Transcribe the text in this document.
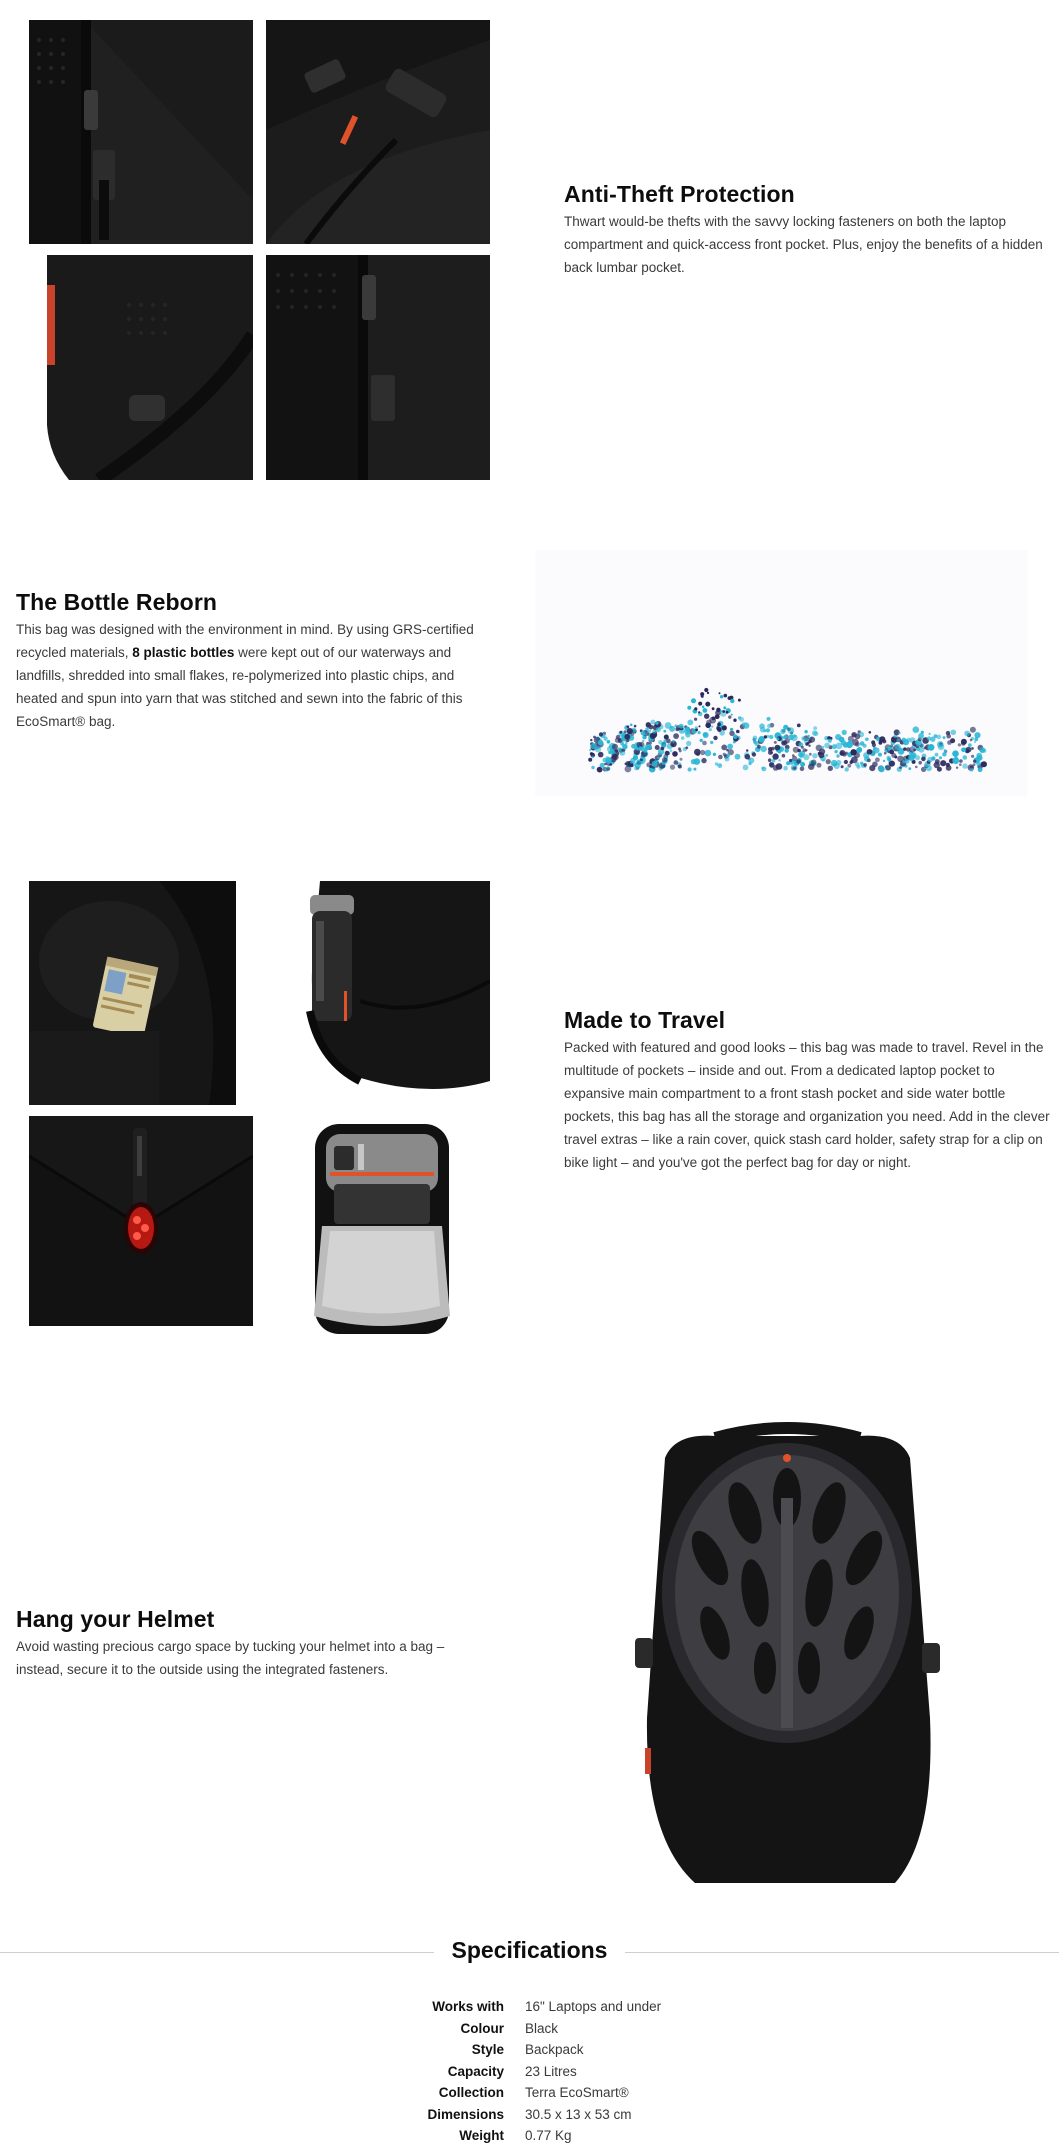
Anti-Theft Protection

Thwart would-be thefts with the savvy locking fasteners on both the laptop compartment and quick-access front pocket. Plus, enjoy the benefits of a hidden back lumbar pocket.

The Bottle Reborn

This bag was designed with the environment in mind. By using GRS-certified recycled materials, 8 plastic bottles were kept out of our waterways and landfills, shredded into small flakes, re-polymerized into plastic chips, and heated and spun into yarn that was stitched and sewn into the fabric of this EcoSmart® bag.

Made to Travel

Packed with featured and good looks – this bag was made to travel. Revel in the multitude of pockets – inside and out. From a dedicated laptop pocket to expansive main compartment to a front stash pocket and side water bottle pockets, this bag has all the storage and organization you need. Add in the clever travel extras – like a rain cover, quick stash card holder, safety strap for a clip on bike light – and you've got the perfect bag for day or night.

Hang your Helmet

Avoid wasting precious cargo space by tucking your helmet into a bag – instead, secure it to the outside using the integrated fasteners.

Specifications
Works with	16" Laptops and under
Colour	Black
Style	Backpack
Capacity	23 Litres
Collection	Terra EcoSmart®
Dimensions	30.5 x 13 x 53 cm
Weight	0.77 Kg
